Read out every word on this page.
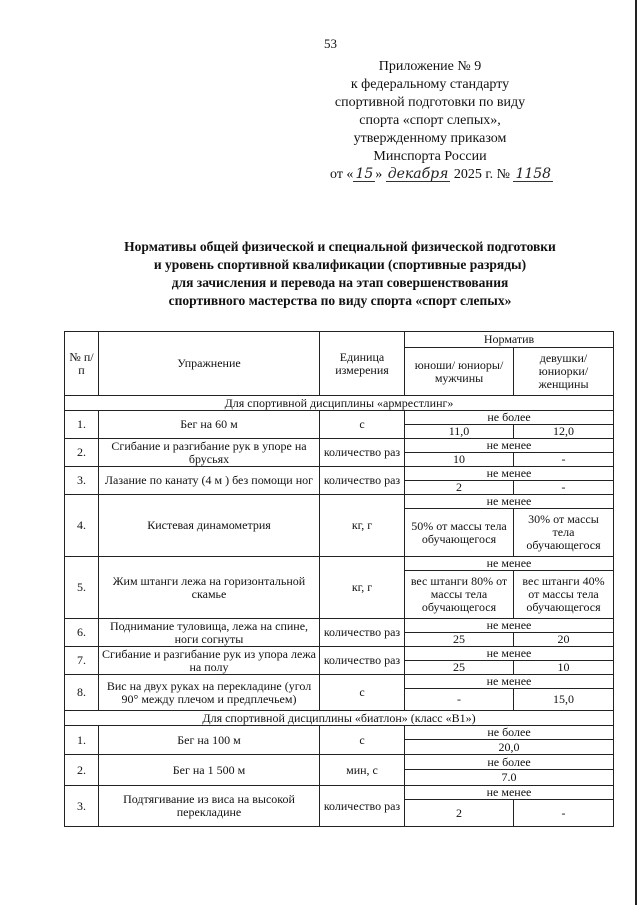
53
Приложение № 9
к федеральному стандарту
спортивной подготовки по виду
спорта «спорт слепых»,
утвержденному приказом
Минспорта России
от « 15 » декабря 2025 г. № 1158
Нормативы общей физической и специальной физической подготовки
и уровень спортивной квалификации (спортивные разряды)
для зачисления и перевода на этап совершенствования
спортивного мастерства по виду спорта «спорт слепых»
№ п/п	Упражнение	Единица измерения	Норматив	
			юноши/ юниоры/ мужчины	девушки/ юниорки/ женщины
Для спортивной дисциплины «армрестлинг»				
1.	Бег на 60 м	с	не более	
			11,0	12,0
2.	Сгибание и разгибание рук в упоре на брусьях	количество раз	не менее	
			10	-
3.	Лазание по канату (4 м ) без помощи ног	количество раз	не менее	
			2	-
4.	Кистевая динамометрия	кг, г	не менее	
			50% от массы тела обучающегося	30% от массы тела обучающегося
5.	Жим штанги лежа на горизонтальной скамье	кг, г	не менее	
			вес штанги 80% от массы тела обучающегося	вес штанги 40% от массы тела обучающегося
6.	Поднимание туловища, лежа на спине, ноги согнуты	количество раз	не менее	
			25	20
7.	Сгибание и разгибание рук из упора лежа на полу	количество раз	не менее	
			25	10
8.	Вис на двух руках на перекладине (угол 90° между плечом и предплечьем)	с	не менее	
			-	15,0
Для спортивной дисциплины «биатлон» (класс «В1»)				
1.	Бег на 100 м	с	не более	
			20,0	
2.	Бег на 1 500 м	мин, с	не более	
			7.0	
3.	Подтягивание из виса на высокой перекладине	количество раз	не менее	
			2	-
